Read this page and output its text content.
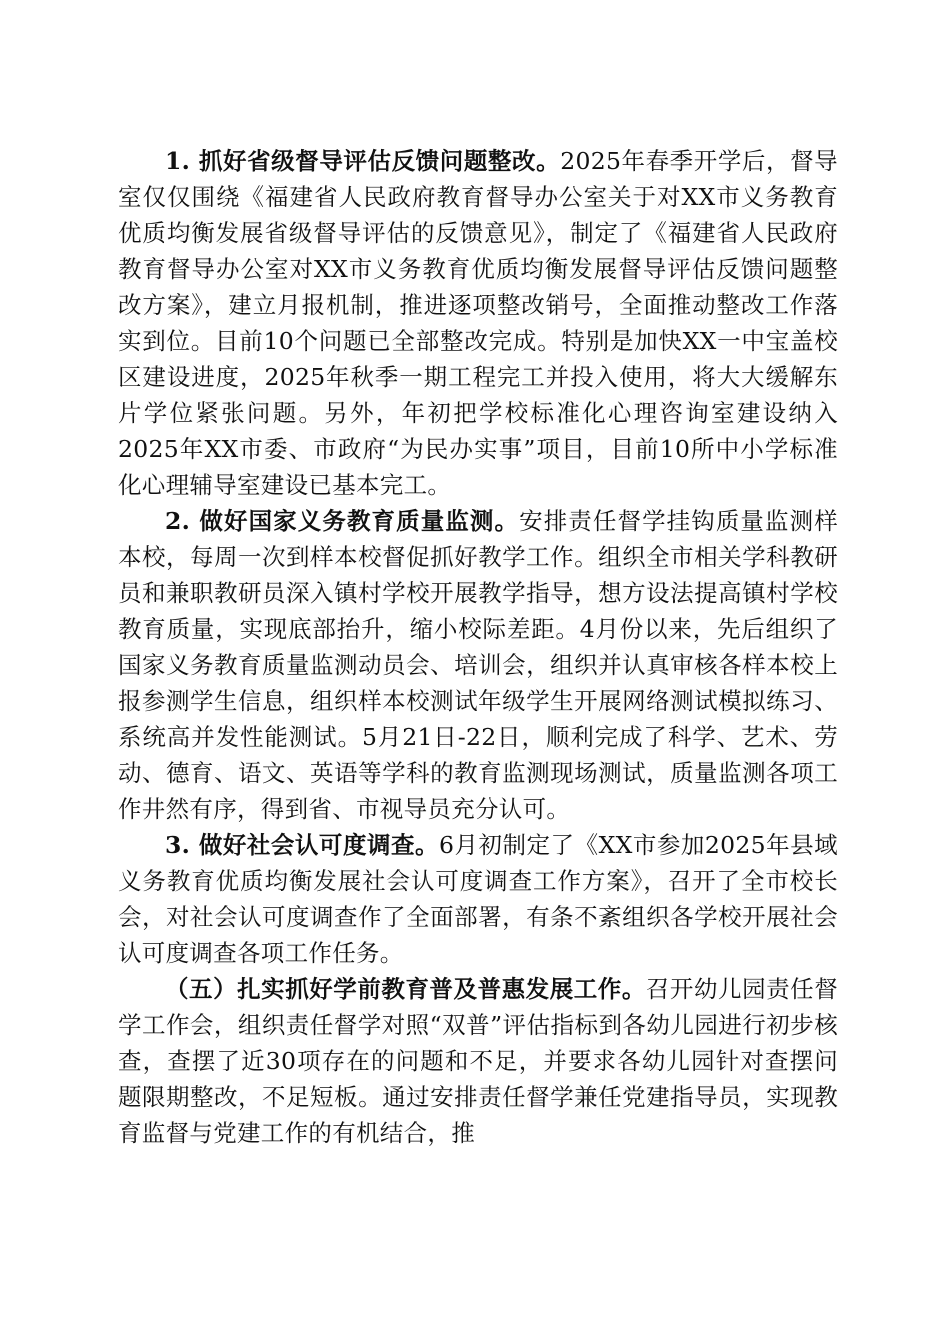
1. 抓好省级督导评估反馈问题整改。2025年春季开学后，督导室仅仅围绕《福建省人民政府教育督导办公室关于对XX市义务教育优质均衡发展省级督导评估的反馈意见》，制定了《福建省人民政府教育督导办公室对XX市义务教育优质均衡发展督导评估反馈问题整改方案》，建立月报机制，推进逐项整改销号，全面推动整改工作落实到位。目前10个问题已全部整改完成。特别是加快XX一中宝盖校区建设进度，2025年秋季一期工程完工并投入使用，将大大缓解东片学位紧张问题。另外，年初把学校标准化心理咨询室建设纳入2025年XX市委、市政府“为民办实事”项目，目前10所中小学标准化心理辅导室建设已基本完工。

2. 做好国家义务教育质量监测。安排责任督学挂钩质量监测样本校，每周一次到样本校督促抓好教学工作。组织全市相关学科教研员和兼职教研员深入镇村学校开展教学指导，想方设法提高镇村学校教育质量，实现底部抬升，缩小校际差距。4月份以来，先后组织了国家义务教育质量监测动员会、培训会，组织并认真审核各样本校上报参测学生信息，组织样本校测试年级学生开展网络测试模拟练习、系统高并发性能测试。5月21日-22日，顺利完成了科学、艺术、劳动、德育、语文、英语等学科的教育监测现场测试，质量监测各项工作井然有序，得到省、市视导员充分认可。

3. 做好社会认可度调查。6月初制定了《XX市参加2025年县域义务教育优质均衡发展社会认可度调查工作方案》，召开了全市校长会，对社会认可度调查作了全面部署，有条不紊组织各学校开展社会认可度调查各项工作任务。

（五）扎实抓好学前教育普及普惠发展工作。召开幼儿园责任督学工作会，组织责任督学对照“双普”评估指标到各幼儿园进行初步核查，查摆了近30项存在的问题和不足，并要求各幼儿园针对查摆问题限期整改，不足短板。通过安排责任督学兼任党建指导员，实现教育监督与党建工作的有机结合，推
